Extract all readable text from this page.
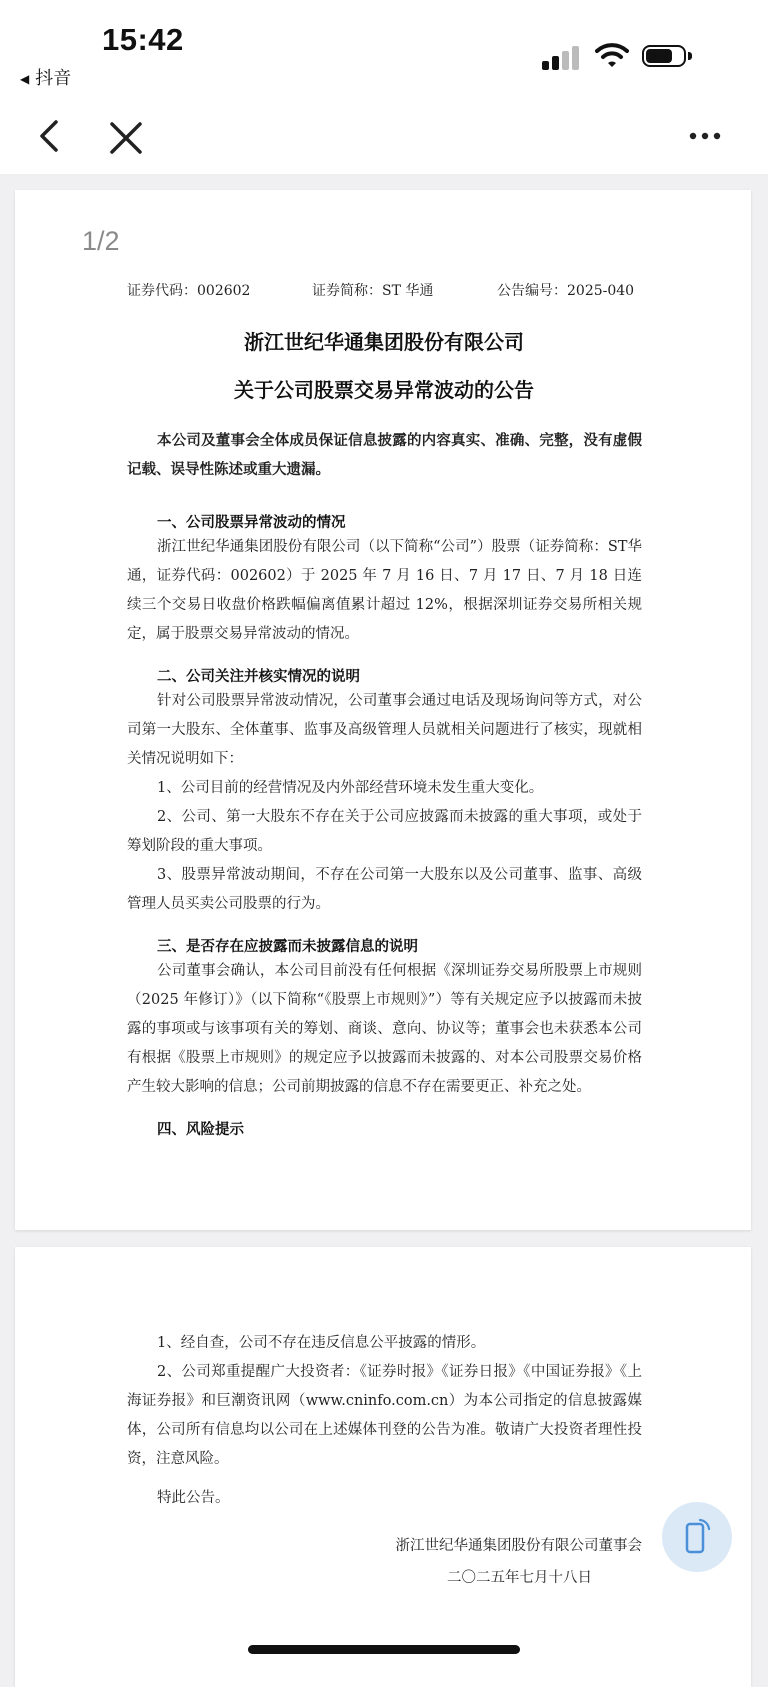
15:42
◀ 抖音
1/2
证券代码：002602	证券简称：ST 华通	公告编号：2025-040
浙江世纪华通集团股份有限公司
关于公司股票交易异常波动的公告

本公司及董事会全体成员保证信息披露的内容真实、准确、完整，没有虚假记载、误导性陈述或重大遗漏。

一、公司股票异常波动的情况

浙江世纪华通集团股份有限公司（以下简称“公司”）股票（证券简称：ST华通，证券代码：002602）于 2025 年 7 月 16 日、7 月 17 日、7 月 18 日连续三个交易日收盘价格跌幅偏离值累计超过 12%，根据深圳证券交易所相关规定，属于股票交易异常波动的情况。

二、公司关注并核实情况的说明

针对公司股票异常波动情况，公司董事会通过电话及现场询问等方式，对公司第一大股东、全体董事、监事及高级管理人员就相关问题进行了核实，现就相关情况说明如下：

1、公司目前的经营情况及内外部经营环境未发生重大变化。

2、公司、第一大股东不存在关于公司应披露而未披露的重大事项，或处于筹划阶段的重大事项。

3、股票异常波动期间，不存在公司第一大股东以及公司董事、监事、高级管理人员买卖公司股票的行为。

三、是否存在应披露而未披露信息的说明

公司董事会确认，本公司目前没有任何根据《深圳证券交易所股票上市规则（2025 年修订）》（以下简称“《股票上市规则》”）等有关规定应予以披露而未披露的事项或与该事项有关的筹划、商谈、意向、协议等；董事会也未获悉本公司有根据《股票上市规则》的规定应予以披露而未披露的、对本公司股票交易价格产生较大影响的信息；公司前期披露的信息不存在需要更正、补充之处。

四、风险提示

1、经自查，公司不存在违反信息公平披露的情形。

2、公司郑重提醒广大投资者：《证券时报》《证券日报》《中国证券报》《上海证券报》和巨潮资讯网（www.cninfo.com.cn）为本公司指定的信息披露媒体，公司所有信息均以公司在上述媒体刊登的公告为准。敬请广大投资者理性投资，注意风险。

特此公告。

浙江世纪华通集团股份有限公司董事会
二〇二五年七月十八日
